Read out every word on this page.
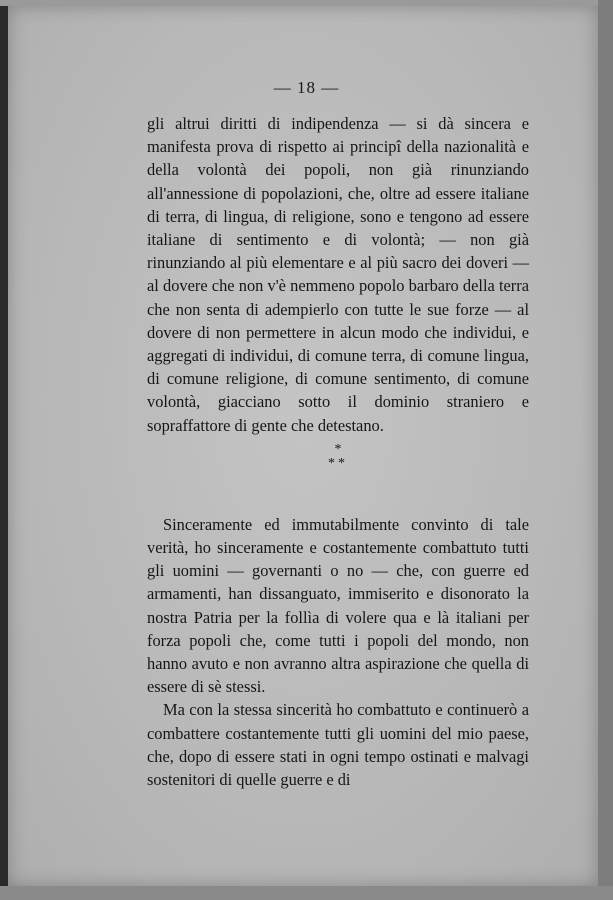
— 18 —

gli altrui diritti di indipendenza — si dà sincera e manifesta prova di rispetto ai principî della nazionalità e della volontà dei popoli, non già rinunziando all'annessione di popolazioni, che, oltre ad essere italiane di terra, di lingua, di religione, sono e tengono ad essere italiane di sentimento e di volontà; — non già rinunziando al più elementare e al più sacro dei doveri — al dovere che non v'è nemmeno popolo barbaro della terra che non senta di adempierlo con tutte le sue forze — al dovere di non permettere in alcun modo che individui, e aggregati di individui, di comune terra, di comune lingua, di comune religione, di comune sentimento, di comune volontà, giacciano sotto il dominio straniero e sopraffattore di gente che detestano.

*
**

Sinceramente ed immutabilmente convinto di tale verità, ho sinceramente e costantemente combattuto tutti gli uomini — governanti o no — che, con guerre ed armamenti, han dissanguato, immiserito e disonorato la nostra Patria per la follìa di volere qua e là italiani per forza popoli che, come tutti i popoli del mondo, non hanno avuto e non avranno altra aspirazione che quella di essere di sè stessi.

Ma con la stessa sincerità ho combattuto e continuerò a combattere costantemente tutti gli uomini del mio paese, che, dopo di essere stati in ogni tempo ostinati e malvagi sostenitori di quelle guerre e di
